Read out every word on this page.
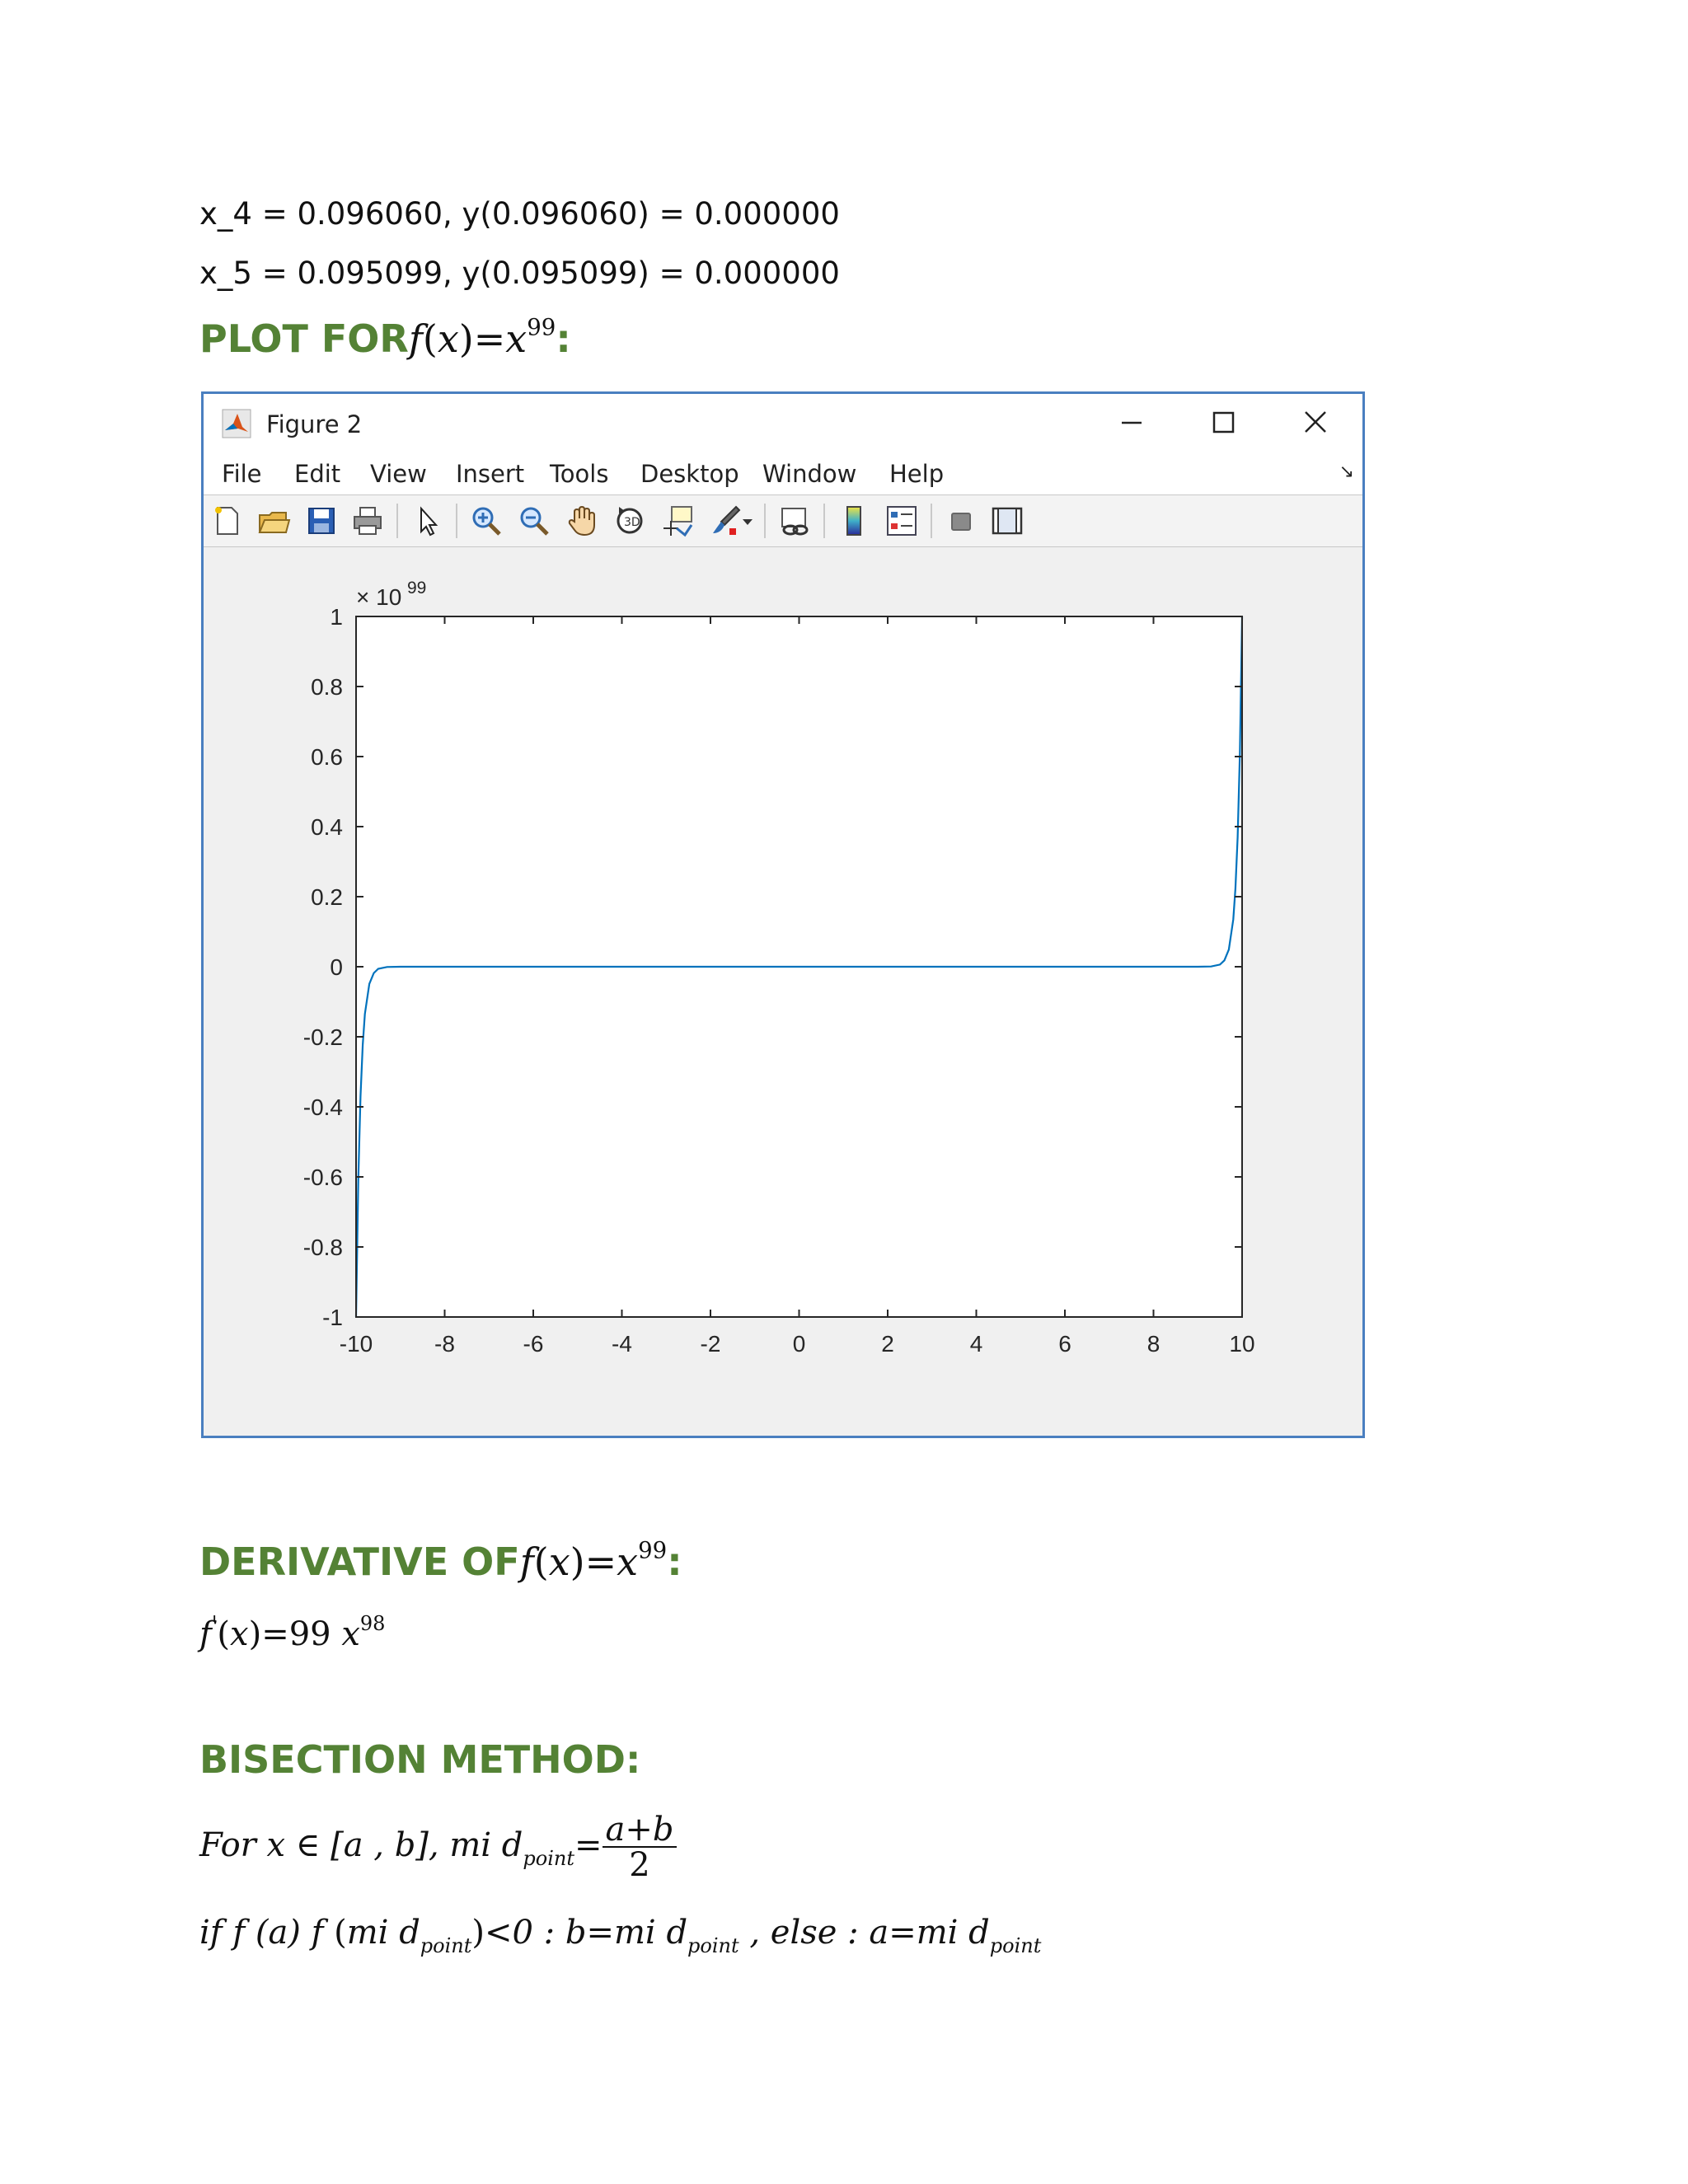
x_4 = 0.096060, y(0.096060) = 0.000000
x_5 = 0.095099, y(0.095099) = 0.000000
PLOT $FORf(x)=x^{99}$:
Figure 2
File Edit View Insert Tools Desktop Window Help	↘
3D
-10	-8	-6	-4	-2	0	2	4	6	8	10
1
0.8
0.6
0.4
0.2
0
-0.2
-0.4
-0.6
-0.8
-1
× 10 99
DERIVATIVE $OFf(x)=x^{99}$:
f'(x)=99 $x^{98}$
BISECTION METHOD:
For x ∈ [a , b], mi $d_{point}= \frac{a+b}{2}$
if f (a) f (mi $d_{point})<0$ : b=mi $d_{point}$ , else : a=mi $d_{point}$
